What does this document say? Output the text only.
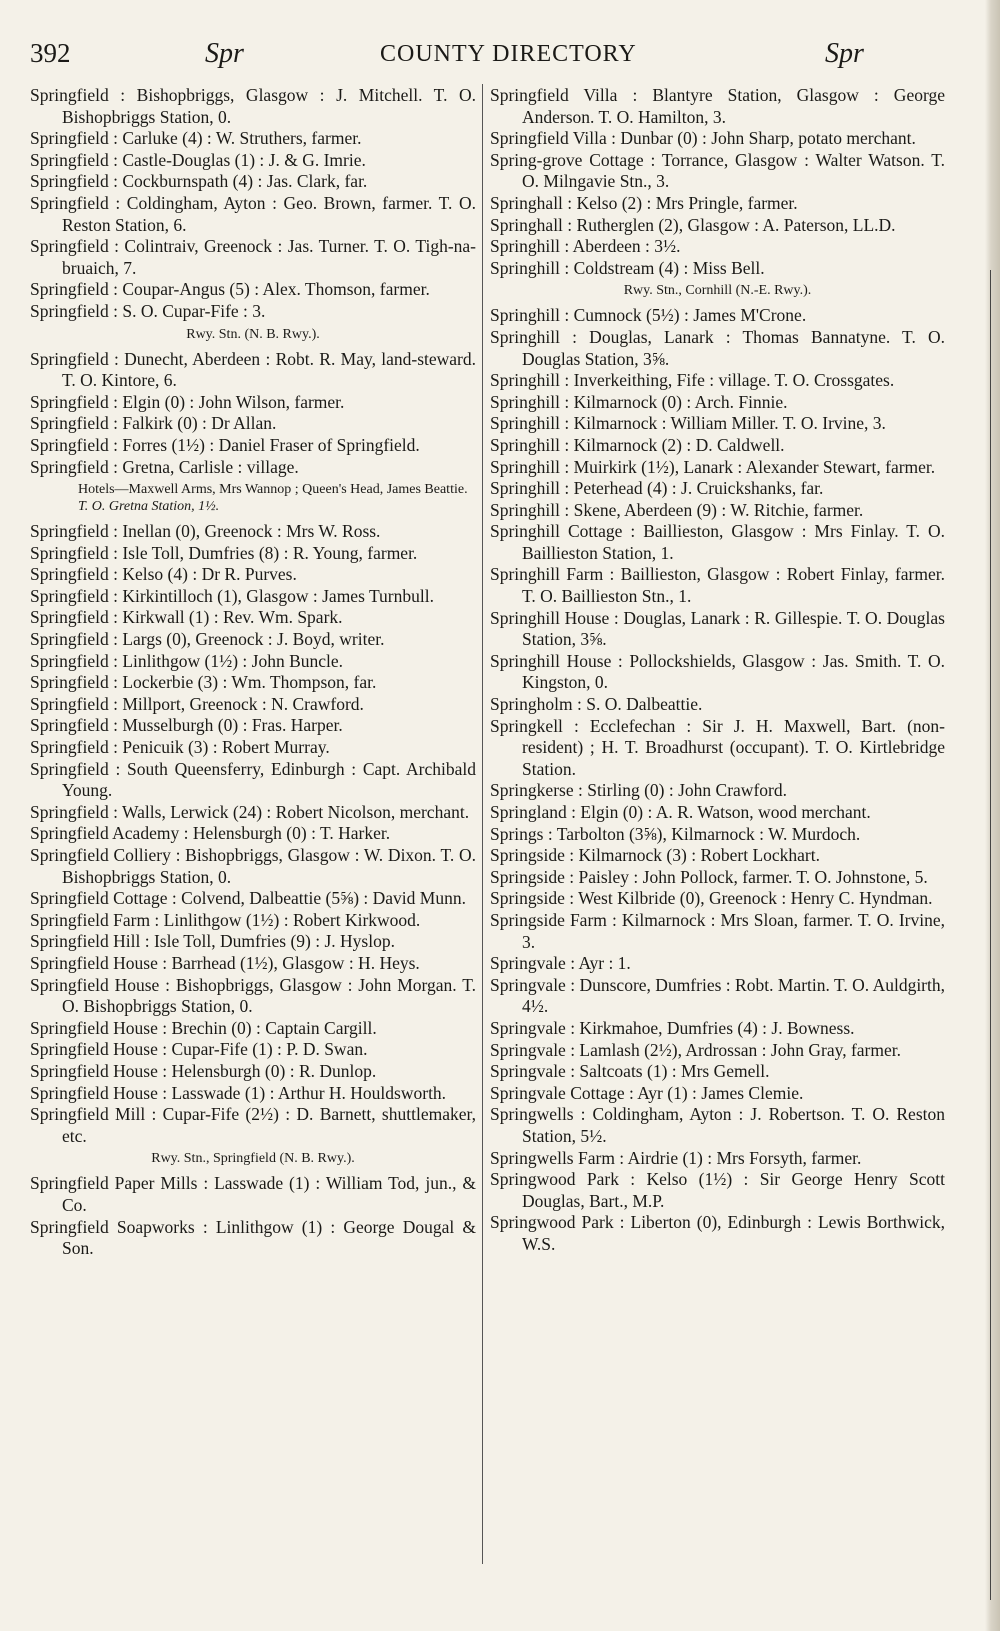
392	Spr	COUNTY DIRECTORY	Spr
Springfield : Bishopbriggs, Glasgow : J. Mitchell. T. O. Bishopbriggs Station, 0.
Springfield : Carluke (4) : W. Struthers, farmer.
Springfield : Castle-Douglas (1) : J. & G. Imrie.
Springfield : Cockburnspath (4) : Jas. Clark, far.
Springfield : Coldingham, Ayton : Geo. Brown, farmer. T. O. Reston Station, 6.
Springfield : Colintraiv, Greenock : Jas. Turner. T. O. Tigh-na-bruaich, 7.
Springfield : Coupar-Angus (5) : Alex. Thomson, farmer.
Springfield : S. O. Cupar-Fife : 3.
Rwy. Stn. (N. B. Rwy.).
Springfield : Dunecht, Aberdeen : Robt. R. May, land-steward. T. O. Kintore, 6.
Springfield : Elgin (0) : John Wilson, farmer.
Springfield : Falkirk (0) : Dr Allan.
Springfield : Forres (1½) : Daniel Fraser of Springfield.
Springfield : Gretna, Carlisle : village.
Hotels—Maxwell Arms, Mrs Wannop ; Queen's Head, James Beattie.
T. O. Gretna Station, 1½.
Springfield : Inellan (0), Greenock : Mrs W. Ross.
Springfield : Isle Toll, Dumfries (8) : R. Young, farmer.
Springfield : Kelso (4) : Dr R. Purves.
Springfield : Kirkintilloch (1), Glasgow : James Turnbull.
Springfield : Kirkwall (1) : Rev. Wm. Spark.
Springfield : Largs (0), Greenock : J. Boyd, writer.
Springfield : Linlithgow (1½) : John Buncle.
Springfield : Lockerbie (3) : Wm. Thompson, far.
Springfield : Millport, Greenock : N. Crawford.
Springfield : Musselburgh (0) : Fras. Harper.
Springfield : Penicuik (3) : Robert Murray.
Springfield : South Queensferry, Edinburgh : Capt. Archibald Young.
Springfield : Walls, Lerwick (24) : Robert Nicolson, merchant.
Springfield Academy : Helensburgh (0) : T. Harker.
Springfield Colliery : Bishopbriggs, Glasgow : W. Dixon. T. O. Bishopbriggs Station, 0.
Springfield Cottage : Colvend, Dalbeattie (5⅝) : David Munn.
Springfield Farm : Linlithgow (1½) : Robert Kirkwood.
Springfield Hill : Isle Toll, Dumfries (9) : J. Hyslop.
Springfield House : Barrhead (1½), Glasgow : H. Heys.
Springfield House : Bishopbriggs, Glasgow : John Morgan. T. O. Bishopbriggs Station, 0.
Springfield House : Brechin (0) : Captain Cargill.
Springfield House : Cupar-Fife (1) : P. D. Swan.
Springfield House : Helensburgh (0) : R. Dunlop.
Springfield House : Lasswade (1) : Arthur H. Houldsworth.
Springfield Mill : Cupar-Fife (2½) : D. Barnett, shuttlemaker, etc.
Rwy. Stn., Springfield (N. B. Rwy.).
Springfield Paper Mills : Lasswade (1) : William Tod, jun., & Co.
Springfield Soapworks : Linlithgow (1) : George Dougal & Son.
Springfield Villa : Blantyre Station, Glasgow : George Anderson. T. O. Hamilton, 3.
Springfield Villa : Dunbar (0) : John Sharp, potato merchant.
Spring-grove Cottage : Torrance, Glasgow : Walter Watson. T. O. Milngavie Stn., 3.
Springhall : Kelso (2) : Mrs Pringle, farmer.
Springhall : Rutherglen (2), Glasgow : A. Paterson, LL.D.
Springhill : Aberdeen : 3½.
Springhill : Coldstream (4) : Miss Bell.
Rwy. Stn., Cornhill (N.-E. Rwy.).
Springhill : Cumnock (5½) : James M'Crone.
Springhill : Douglas, Lanark : Thomas Bannatyne. T. O. Douglas Station, 3⅝.
Springhill : Inverkeithing, Fife : village. T. O. Crossgates.
Springhill : Kilmarnock (0) : Arch. Finnie.
Springhill : Kilmarnock : William Miller. T. O. Irvine, 3.
Springhill : Kilmarnock (2) : D. Caldwell.
Springhill : Muirkirk (1½), Lanark : Alexander Stewart, farmer.
Springhill : Peterhead (4) : J. Cruickshanks, far.
Springhill : Skene, Aberdeen (9) : W. Ritchie, farmer.
Springhill Cottage : Baillieston, Glasgow : Mrs Finlay. T. O. Baillieston Station, 1.
Springhill Farm : Baillieston, Glasgow : Robert Finlay, farmer. T. O. Baillieston Stn., 1.
Springhill House : Douglas, Lanark : R. Gillespie. T. O. Douglas Station, 3⅝.
Springhill House : Pollockshields, Glasgow : Jas. Smith. T. O. Kingston, 0.
Springholm : S. O. Dalbeattie.
Springkell : Ecclefechan : Sir J. H. Maxwell, Bart. (non-resident) ; H. T. Broadhurst (occupant). T. O. Kirtlebridge Station.
Springkerse : Stirling (0) : John Crawford.
Springland : Elgin (0) : A. R. Watson, wood merchant.
Springs : Tarbolton (3⅝), Kilmarnock : W. Murdoch.
Springside : Kilmarnock (3) : Robert Lockhart.
Springside : Paisley : John Pollock, farmer. T. O. Johnstone, 5.
Springside : West Kilbride (0), Greenock : Henry C. Hyndman.
Springside Farm : Kilmarnock : Mrs Sloan, farmer. T. O. Irvine, 3.
Springvale : Ayr : 1.
Springvale : Dunscore, Dumfries : Robt. Martin. T. O. Auldgirth, 4½.
Springvale : Kirkmahoe, Dumfries (4) : J. Bowness.
Springvale : Lamlash (2½), Ardrossan : John Gray, farmer.
Springvale : Saltcoats (1) : Mrs Gemell.
Springvale Cottage : Ayr (1) : James Clemie.
Springwells : Coldingham, Ayton : J. Robertson. T. O. Reston Station, 5½.
Springwells Farm : Airdrie (1) : Mrs Forsyth, farmer.
Springwood Park : Kelso (1½) : Sir George Henry Scott Douglas, Bart., M.P.
Springwood Park : Liberton (0), Edinburgh : Lewis Borthwick, W.S.
